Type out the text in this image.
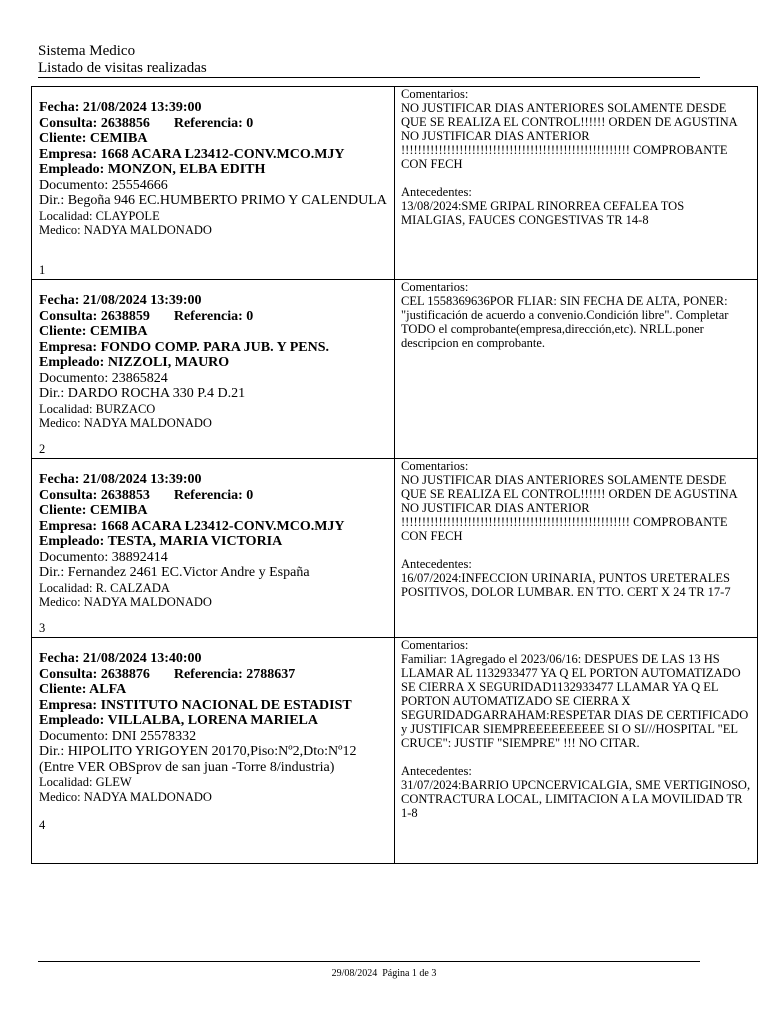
Sistema Medico
Listado de visitas realizadas
Fecha: 21/08/2024 13:39:00
Consulta: 2638856 Referencia: 0
Cliente: CEMIBA
Empresa: 1668 ACARA L23412-CONV.MCO.MJY
Empleado: MONZON, ELBA EDITH
Documento: 25554666
Dir.: Begoña 946 EC.HUMBERTO PRIMO Y CALENDULA
Localidad: CLAYPOLE
Medico: NADYA MALDONADO
1
Comentarios:
NO JUSTIFICAR DIAS ANTERIORES SOLAMENTE DESDE QUE SE REALIZA EL CONTROL!!!!!! ORDEN DE AGUSTINA NO JUSTIFICAR DIAS ANTERIOR !!!!!!!!!!!!!!!!!!!!!!!!!!!!!!!!!!!!!!!!!!!!!!!!!!!!!!! COMPROBANTE CON FECH
Antecedentes:
13/08/2024:SME GRIPAL RINORREA CEFALEA TOS MIALGIAS, FAUCES CONGESTIVAS TR 14-8
Fecha: 21/08/2024 13:39:00
Consulta: 2638859 Referencia: 0
Cliente: CEMIBA
Empresa: FONDO COMP. PARA JUB. Y PENS.
Empleado: NIZZOLI, MAURO
Documento: 23865824
Dir.: DARDO ROCHA 330 P.4 D.21
Localidad: BURZACO
Medico: NADYA MALDONADO
2
Comentarios:
CEL 1558369636POR FLIAR: SIN FECHA DE ALTA, PONER: "justificación de acuerdo a convenio.Condición libre". Completar TODO el comprobante(empresa,dirección,etc). NRLL.poner descripcion en comprobante.
Fecha: 21/08/2024 13:39:00
Consulta: 2638853 Referencia: 0
Cliente: CEMIBA
Empresa: 1668 ACARA L23412-CONV.MCO.MJY
Empleado: TESTA, MARIA VICTORIA
Documento: 38892414
Dir.: Fernandez 2461 EC.Victor Andre y España
Localidad: R. CALZADA
Medico: NADYA MALDONADO
3
Comentarios:
NO JUSTIFICAR DIAS ANTERIORES SOLAMENTE DESDE QUE SE REALIZA EL CONTROL!!!!!! ORDEN DE AGUSTINA NO JUSTIFICAR DIAS ANTERIOR !!!!!!!!!!!!!!!!!!!!!!!!!!!!!!!!!!!!!!!!!!!!!!!!!!!!!!! COMPROBANTE CON FECH
Antecedentes:
16/07/2024:INFECCION URINARIA, PUNTOS URETERALES POSITIVOS, DOLOR LUMBAR. EN TTO. CERT X 24 TR 17-7
Fecha: 21/08/2024 13:40:00
Consulta: 2638876 Referencia: 2788637
Cliente: ALFA
Empresa: INSTITUTO NACIONAL DE ESTADIST
Empleado: VILLALBA, LORENA MARIELA
Documento: DNI 25578332
Dir.: HIPOLITO YRIGOYEN 20170,Piso:Nº2,Dto:Nº12 (Entre VER OBSprov de san juan -Torre 8/industria)
Localidad: GLEW
Medico: NADYA MALDONADO
4
Comentarios:
Familiar: 1Agregado el 2023/06/16: DESPUES DE LAS 13 HS LLAMAR AL 1132933477 YA Q EL PORTON AUTOMATIZADO SE CIERRA X SEGURIDAD1132933477 LLAMAR YA Q EL PORTON AUTOMATIZADO SE CIERRA X SEGURIDADGARRAHAM:RESPETAR DIAS DE CERTIFICADO y JUSTIFICAR SIEMPREEEEEEEEEE SI O SI///HOSPITAL "EL CRUCE": JUSTIF "SIEMPRE" !!! NO CITAR.
Antecedentes:
31/07/2024:BARRIO UPCNCERVICALGIA, SME VERTIGINOSO, CONTRACTURA LOCAL, LIMITACION A LA MOVILIDAD TR 1-8
29/08/2024 Página 1 de 3
